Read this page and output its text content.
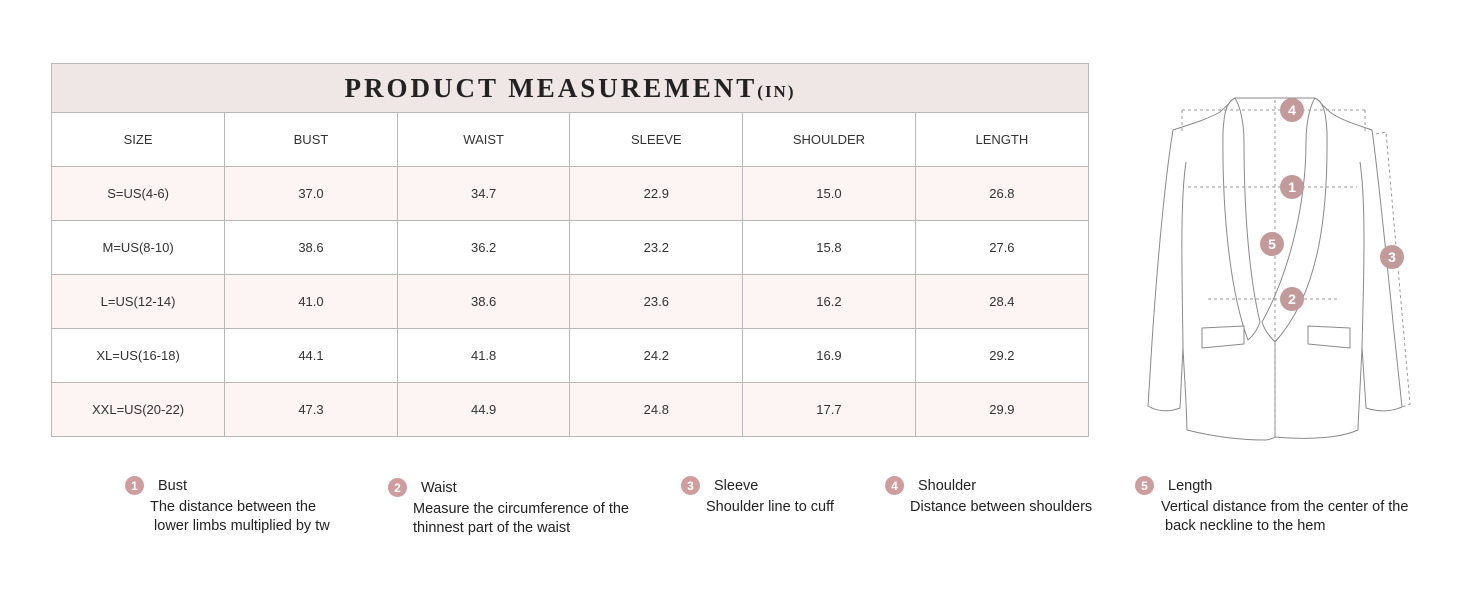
PRODUCT MEASUREMENT (IN)
SIZE	BUST	WAIST	SLEEVE	SHOULDER	LENGTH
S=US(4-6)	37.0	34.7	22.9	15.0	26.8
M=US(8-10)	38.6	36.2	23.2	15.8	27.6
L=US(12-14)	41.0	38.6	23.6	16.2	28.4
XL=US(16-18)	44.1	41.8	24.2	16.9	29.2
XXL=US(20-22)	47.3	44.9	24.8	17.7	29.9
4
1
5
3
2
1	Bust
The distance between the
lower limbs multiplied by tw
2	Waist
Measure the circumference of the
thinnest part of the waist
3	Sleeve
Shoulder line to cuff
4	Shoulder
Distance between shoulders
5	Length
Vertical distance from the center of the
back neckline to the hem
